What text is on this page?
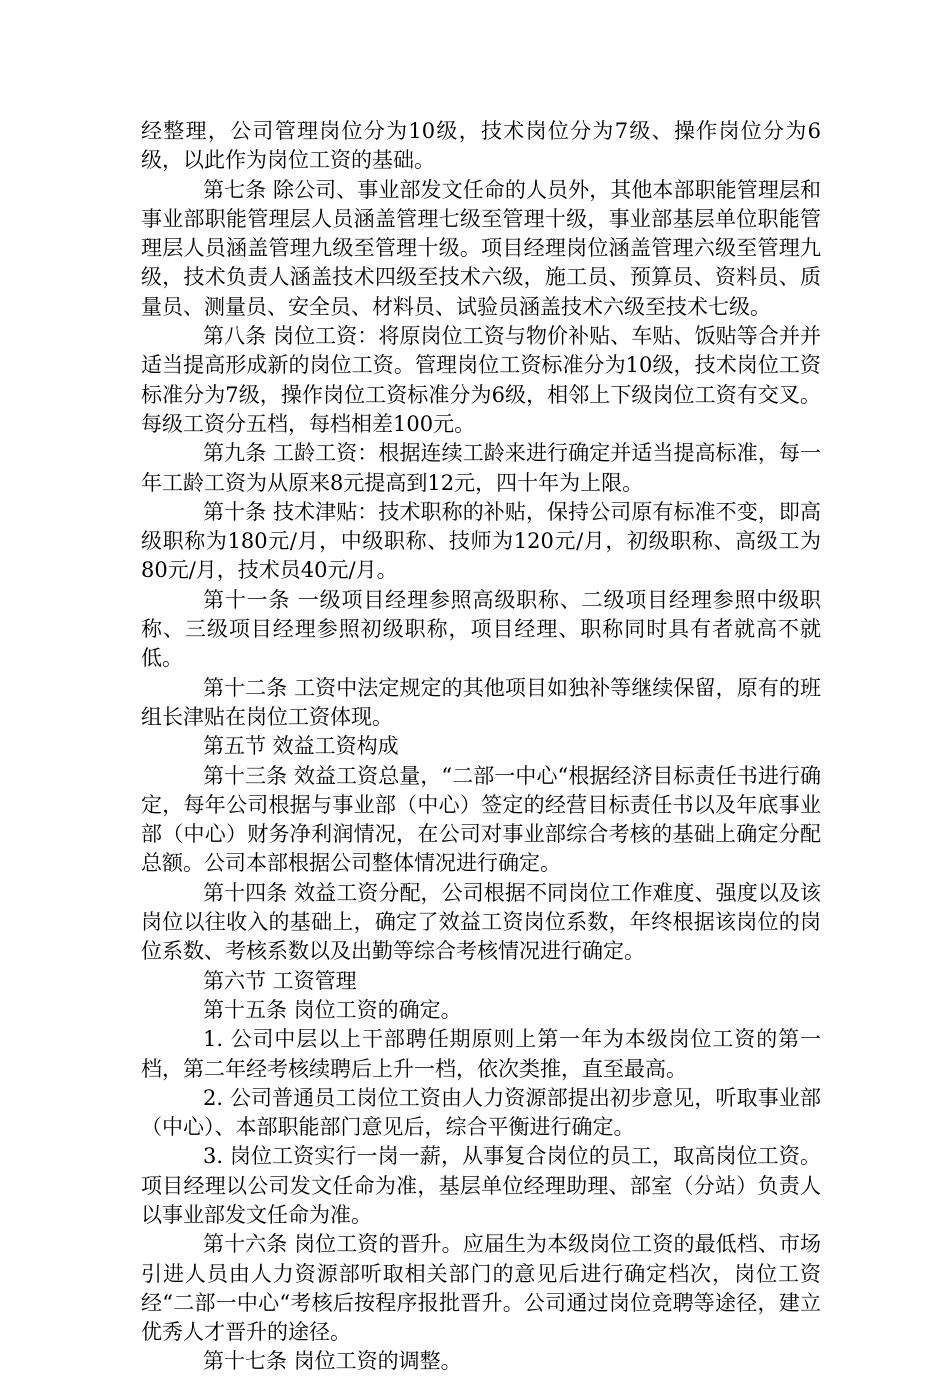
经整理，公司管理岗位分为10级，技术岗位分为7级、操作岗位分为6级，以此作为岗位工资的基础。

第七条 除公司、事业部发文任命的人员外，其他本部职能管理层和事业部职能管理层人员涵盖管理七级至管理十级，事业部基层单位职能管理层人员涵盖管理九级至管理十级。项目经理岗位涵盖管理六级至管理九级，技术负责人涵盖技术四级至技术六级，施工员、预算员、资料员、质量员、测量员、安全员、材料员、试验员涵盖技术六级至技术七级。

第八条 岗位工资：将原岗位工资与物价补贴、车贴、饭贴等合并并适当提高形成新的岗位工资。管理岗位工资标准分为10级，技术岗位工资标准分为7级，操作岗位工资标准分为6级，相邻上下级岗位工资有交叉。每级工资分五档，每档相差100元。

第九条 工龄工资：根据连续工龄来进行确定并适当提高标准，每一年工龄工资为从原来8元提高到12元，四十年为上限。

第十条 技术津贴：技术职称的补贴，保持公司原有标准不变，即高级职称为180元/月，中级职称、技师为120元/月，初级职称、高级工为80元/月，技术员40元/月。

第十一条 一级项目经理参照高级职称、二级项目经理参照中级职称、三级项目经理参照初级职称，项目经理、职称同时具有者就高不就低。

第十二条 工资中法定规定的其他项目如独补等继续保留，原有的班组长津贴在岗位工资体现。

第五节 效益工资构成

第十三条 效益工资总量，“二部一中心“根据经济目标责任书进行确定，每年公司根据与事业部（中心）签定的经营目标责任书以及年底事业部（中心）财务净利润情况，在公司对事业部综合考核的基础上确定分配总额。公司本部根据公司整体情况进行确定。

第十四条 效益工资分配，公司根据不同岗位工作难度、强度以及该岗位以往收入的基础上，确定了效益工资岗位系数，年终根据该岗位的岗位系数、考核系数以及出勤等综合考核情况进行确定。

第六节 工资管理

第十五条 岗位工资的确定。

1. 公司中层以上干部聘任期原则上第一年为本级岗位工资的第一档，第二年经考核续聘后上升一档，依次类推，直至最高。

2. 公司普通员工岗位工资由人力资源部提出初步意见，听取事业部（中心）、本部职能部门意见后，综合平衡进行确定。

3. 岗位工资实行一岗一薪，从事复合岗位的员工，取高岗位工资。项目经理以公司发文任命为准，基层单位经理助理、部室（分站）负责人以事业部发文任命为准。

第十六条 岗位工资的晋升。应届生为本级岗位工资的最低档、市场引进人员由人力资源部听取相关部门的意见后进行确定档次，岗位工资经“二部一中心“考核后按程序报批晋升。公司通过岗位竞聘等途径，建立优秀人才晋升的途径。

第十七条 岗位工资的调整。
